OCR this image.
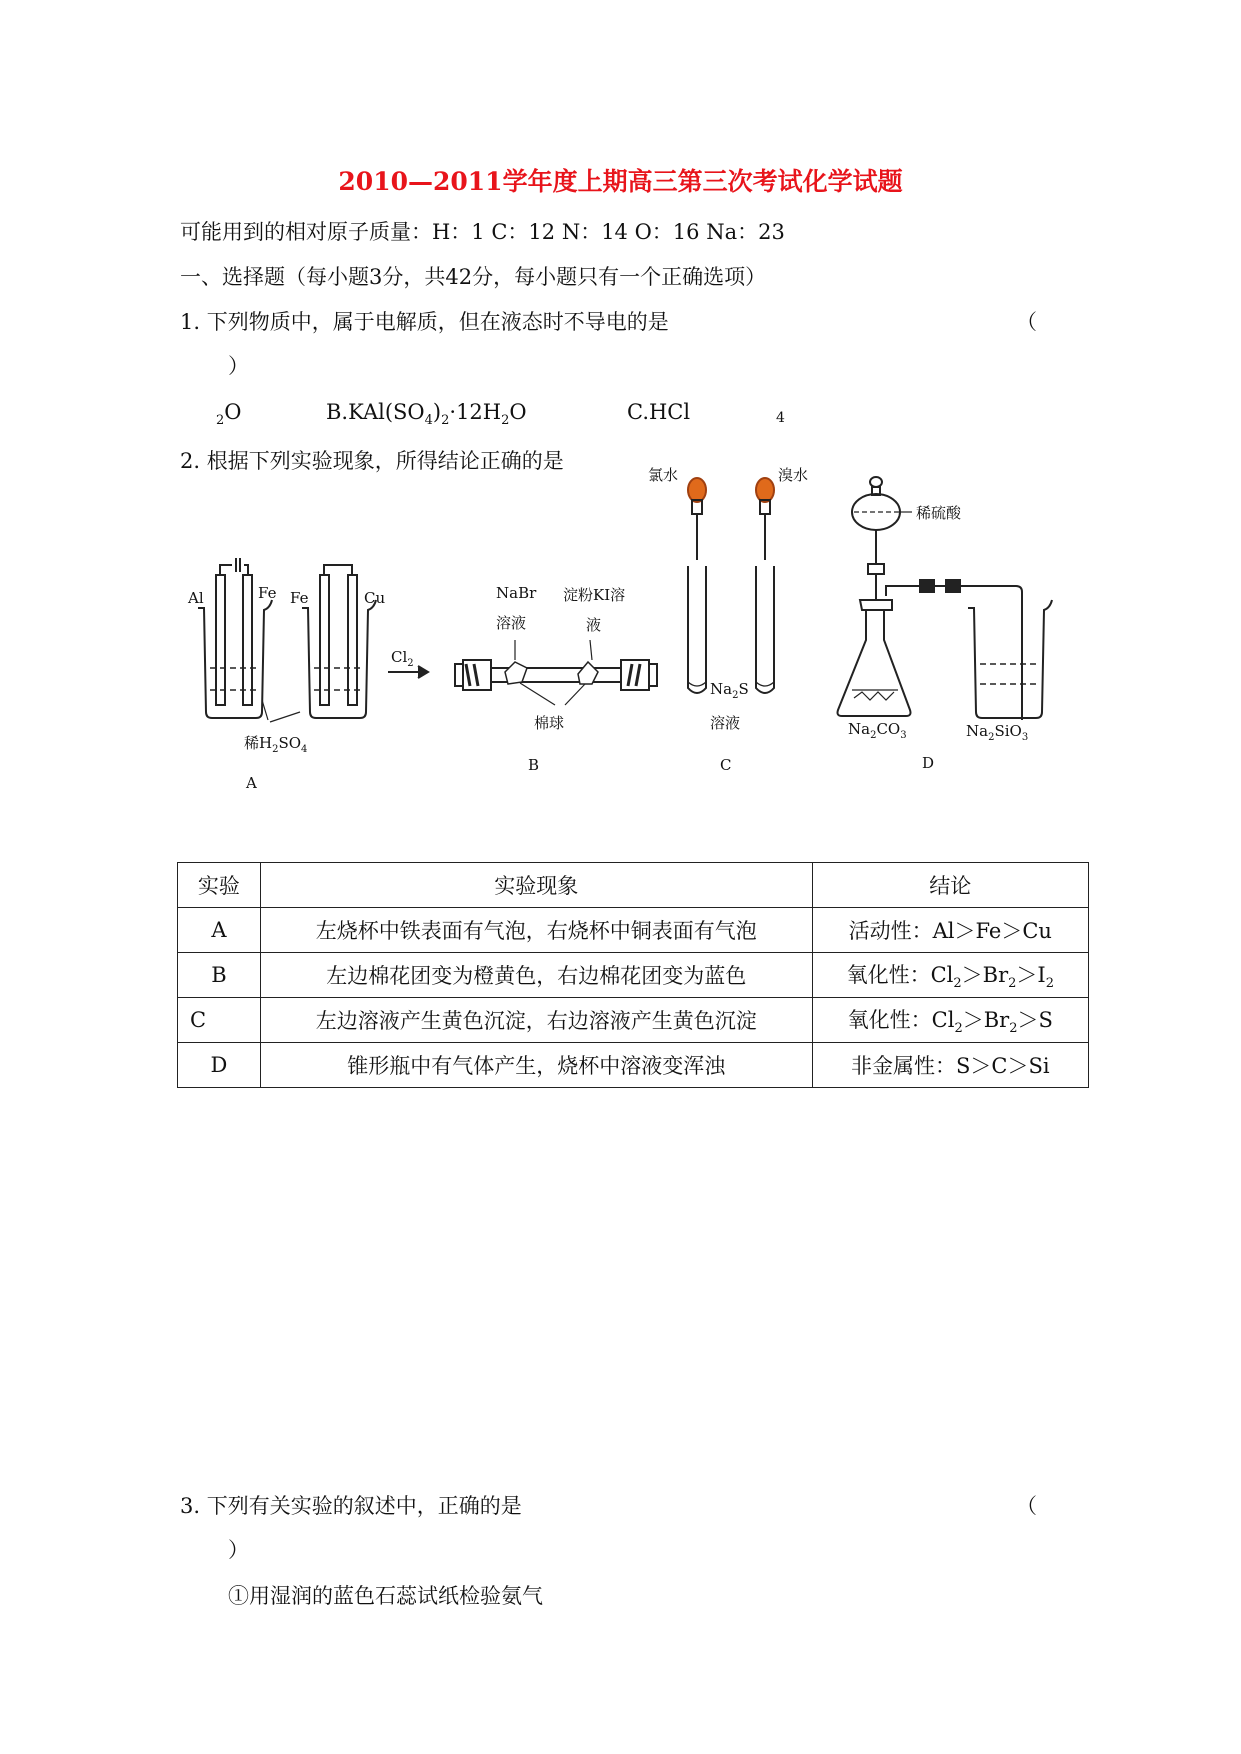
2010—2011学年度上期高三第三次考试化学试题
可能用到的相对原子质量：H：1 C：12 N：14 O：16 Na：23
一、选择题（每小题3分，共42分，每小题只有一个正确选项）
1. 下列物质中，属于电解质，但在液态时不导电的是	（
）
$_2$O	$B.KAl(SO_4)_2\cdot 12H_2O$	C.HCl	4
2. 根据下列实验现象，所得结论正确的是
Al	Fe Fe	Cu
稀$H_2SO_4$
A
$Cl_2$
NaBr
溶液
淀粉KI溶
液
棉球
B
氯水	溴水
$Na_2S$
溶液
C
稀硫酸
$Na_2CO_3$	$Na_2SiO_3$
D
实验	实验现象	结论
A	左烧杯中铁表面有气泡，右烧杯中铜表面有气泡	活动性：Al＞Fe＞Cu
B	左边棉花团变为橙黄色，右边棉花团变为蓝色	氧化性：$Cl_2>Br_2>I_2$
C	左边溶液产生黄色沉淀，右边溶液产生黄色沉淀	氧化性：$Cl_2>Br_2>S$
D	锥形瓶中有气体产生，烧杯中溶液变浑浊	非金属性：S＞C＞Si
3. 下列有关实验的叙述中，正确的是	（
）
①用湿润的蓝色石蕊试纸检验氨气
